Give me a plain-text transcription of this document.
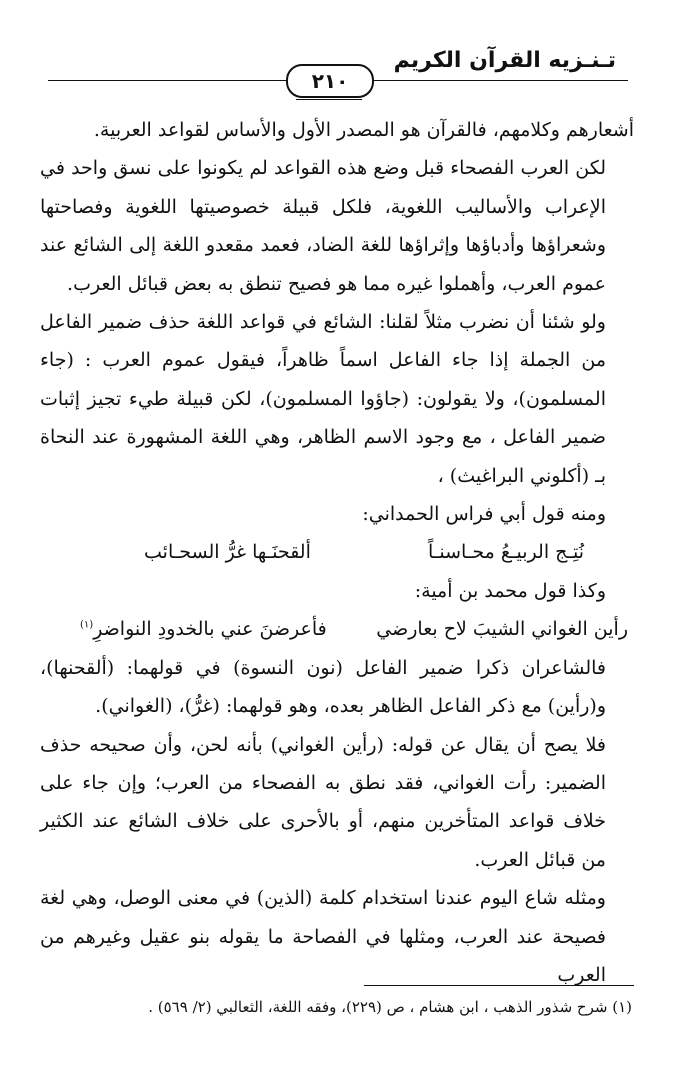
تـنـزيه القرآن الكريم
٢١٠

أشعارهم وكلامهم، فالقرآن هو المصدر الأول والأساس لقواعد العربية.

لكن العرب الفصحاء قبل وضع هذه القواعد لم يكونوا على نسق واحد في الإعراب والأساليب اللغوية، فلكل قبيلة خصوصيتها اللغوية وفصاحتها وشعراؤها وأدباؤها وإثراؤها للغة الضاد، فعمد مقعدو اللغة إلى الشائع عند عموم العرب، وأهملوا غيره مما هو فصيح تنطق به بعض قبائل العرب.

ولو شئنا أن نضرب مثلاً لقلنا: الشائع في قواعد اللغة حذف ضمير الفاعل من الجملة إذا جاء الفاعل اسماً ظاهراً، فيقول عموم العرب : (جاء المسلمون)، ولا يقولون: (جاؤوا المسلمون)، لكن قبيلة طيء تجيز إثبات ضمير الفاعل ، مع وجود الاسم الظاهر، وهي اللغة المشهورة عند النحاة بـ (أكلوني البراغيث) ،

ومنه قول أبي فراس الحمداني:

نُتِـج الربيـعُ محـاسنـاً
ألقحنَـها غرُّ السحـائب

وكذا قول محمد بن أمية:

رأين الغواني الشيبَ لاح بعارضي
فأعرضنَ عني بالخدودِ النواضرِ$^{(١)}$

فالشاعران ذكرا ضمير الفاعل (نون النسوة) في قولهما: (ألقحنها)، و(رأين) مع ذكر الفاعل الظاهر بعده، وهو قولهما: (غرُّ)، (الغواني).

فلا يصح أن يقال عن قوله: (رأين الغواني) بأنه لحن، وأن صحيحه حذف الضمير: رأت الغواني، فقد نطق به الفصحاء من العرب؛ وإن جاء على خلاف قواعد المتأخرين منهم، أو بالأحرى على خلاف الشائع عند الكثير من قبائل العرب.

ومثله شاع اليوم عندنا استخدام كلمة (الذين) في معنى الوصل، وهي لغة فصيحة عند العرب، ومثلها في الفصاحة ما يقوله بنو عقيل وغيرهم من العرب

(١) شرح شذور الذهب ، ابن هشام ، ص (٢٢٩)، وفقه اللغة، الثعالبي (٢/ ٥٦٩) .
